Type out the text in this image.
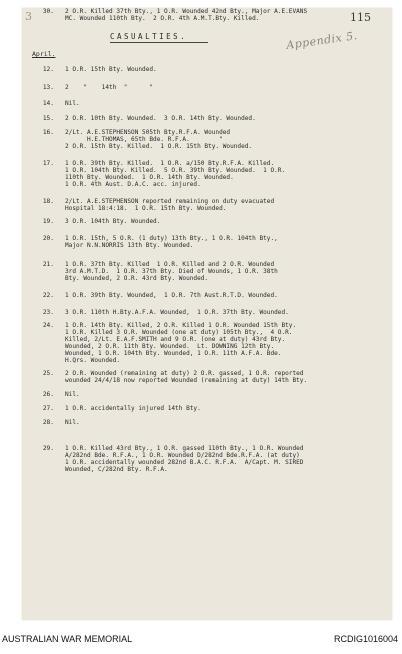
3	115
Appendix 5.
CASUALTIES.
April.
12. 1 O.R. 15th Bty. Wounded.
13. 2    "    14th  "      "
14. Nil.
15. 2 O.R. 10th Bty. Wounded.  3 O.R. 14th Bty. Wounded.
16. 2/Lt. A.E.STEPHENSON 505th Bty.R.F.A. Wounded
H.E.THOMAS, 65th Bde. R.F.A.        "
2 O.R. 15th Bty. Killed.  1 O.R. 15th Bty. Wounded.
17. 1 O.R. 39th Bty. Killed.  1 O.R. a/150 Bty.R.F.A. Killed.
1 O.R. 104th Bty. Killed.  5 O.R. 39th Bty. Wounded.  1 O.R.
110th Bty. Wounded.  1 O.R. 14th Bty. Wounded.
1 O.R. 4th Aust. D.A.C. acc. injured.
18. 2/Lt. A.E.STEPHENSON reported remaining on duty evacuated
Hospital 18:4:18.  1 O.R. 15th Bty. Wounded.
19. 3 O.R. 104th Bty. Wounded.
20. 1 O.R. 15th, 5 O.R. (1 duty) 13th Bty., 1 O.R. 104th Bty.,
Major N.N.NORRIS 13th Bty. Wounded.
21. 1 O.R. 37th Bty. Killed  1 O.R. Killed and 2 O.R. Wounded
3rd A.M.T.D.  1 O.R. 37th Bty. Died of Wounds, 1 O.R. 38th
Bty. Wounded, 2 O.R. 43rd Bty. Wounded.
22. 1 O.R. 39th Bty. Wounded,  1 O.R. 7th Aust.R.T.D. Wounded.
23. 3 O.R. 110th H.Bty.A.F.A. Wounded,  1 O.R. 37th Bty. Wounded.
24. 1 O.R. 14th Bty. Killed, 2 O.R. Killed 1 O.R. Wounded 15th Bty.
1 O.R. Killed 3 O.R. Wounded (one at duty) 105th Bty.,  4 O.R.
Killed, 2/Lt. E.A.F.SMITH and 9 O.R. (one at duty) 43rd Bty.
Wounded, 2 O.R. 11th Bty. Wounded.  Lt. DOWNING 12th Bty.
Wounded, 1 O.R. 104th Bty. Wounded, 1 O.R. 11th A.F.A. Bde.
H.Qrs. Wounded.
25. 2 O.R. Wounded (remaining at duty) 2 O.R. gassed, 1 O.R. reported
wounded 24/4/18 now reported Wounded (remaining at duty) 14th Bty.
26. Nil.
27. 1 O.R. accidentally injured 14th Bty.
28. Nil.
29. 1 O.R. Killed 43rd Bty., 1 O.R. gassed 110th Bty., 1 O.R. Wounded
A/282nd Bde. R.F.A., 1 O.R. Wounded D/282nd Bde.R.F.A. (at duty)
1 O.R. accidentally wounded 282nd B.A.C. R.F.A.  A/Capt. M. SIRED
Wounded, C/282nd Bty. R.F.A.
30. 2 O.R. Killed 37th Bty., 1 O.R. Wounded 42nd Bty., Major A.E.EVANS
MC. Wounded 110th Bty.  2 O.R. 4th A.M.T.Bty. Killed.
AUSTRALIAN WAR MEMORIAL	RCDIG1016004
